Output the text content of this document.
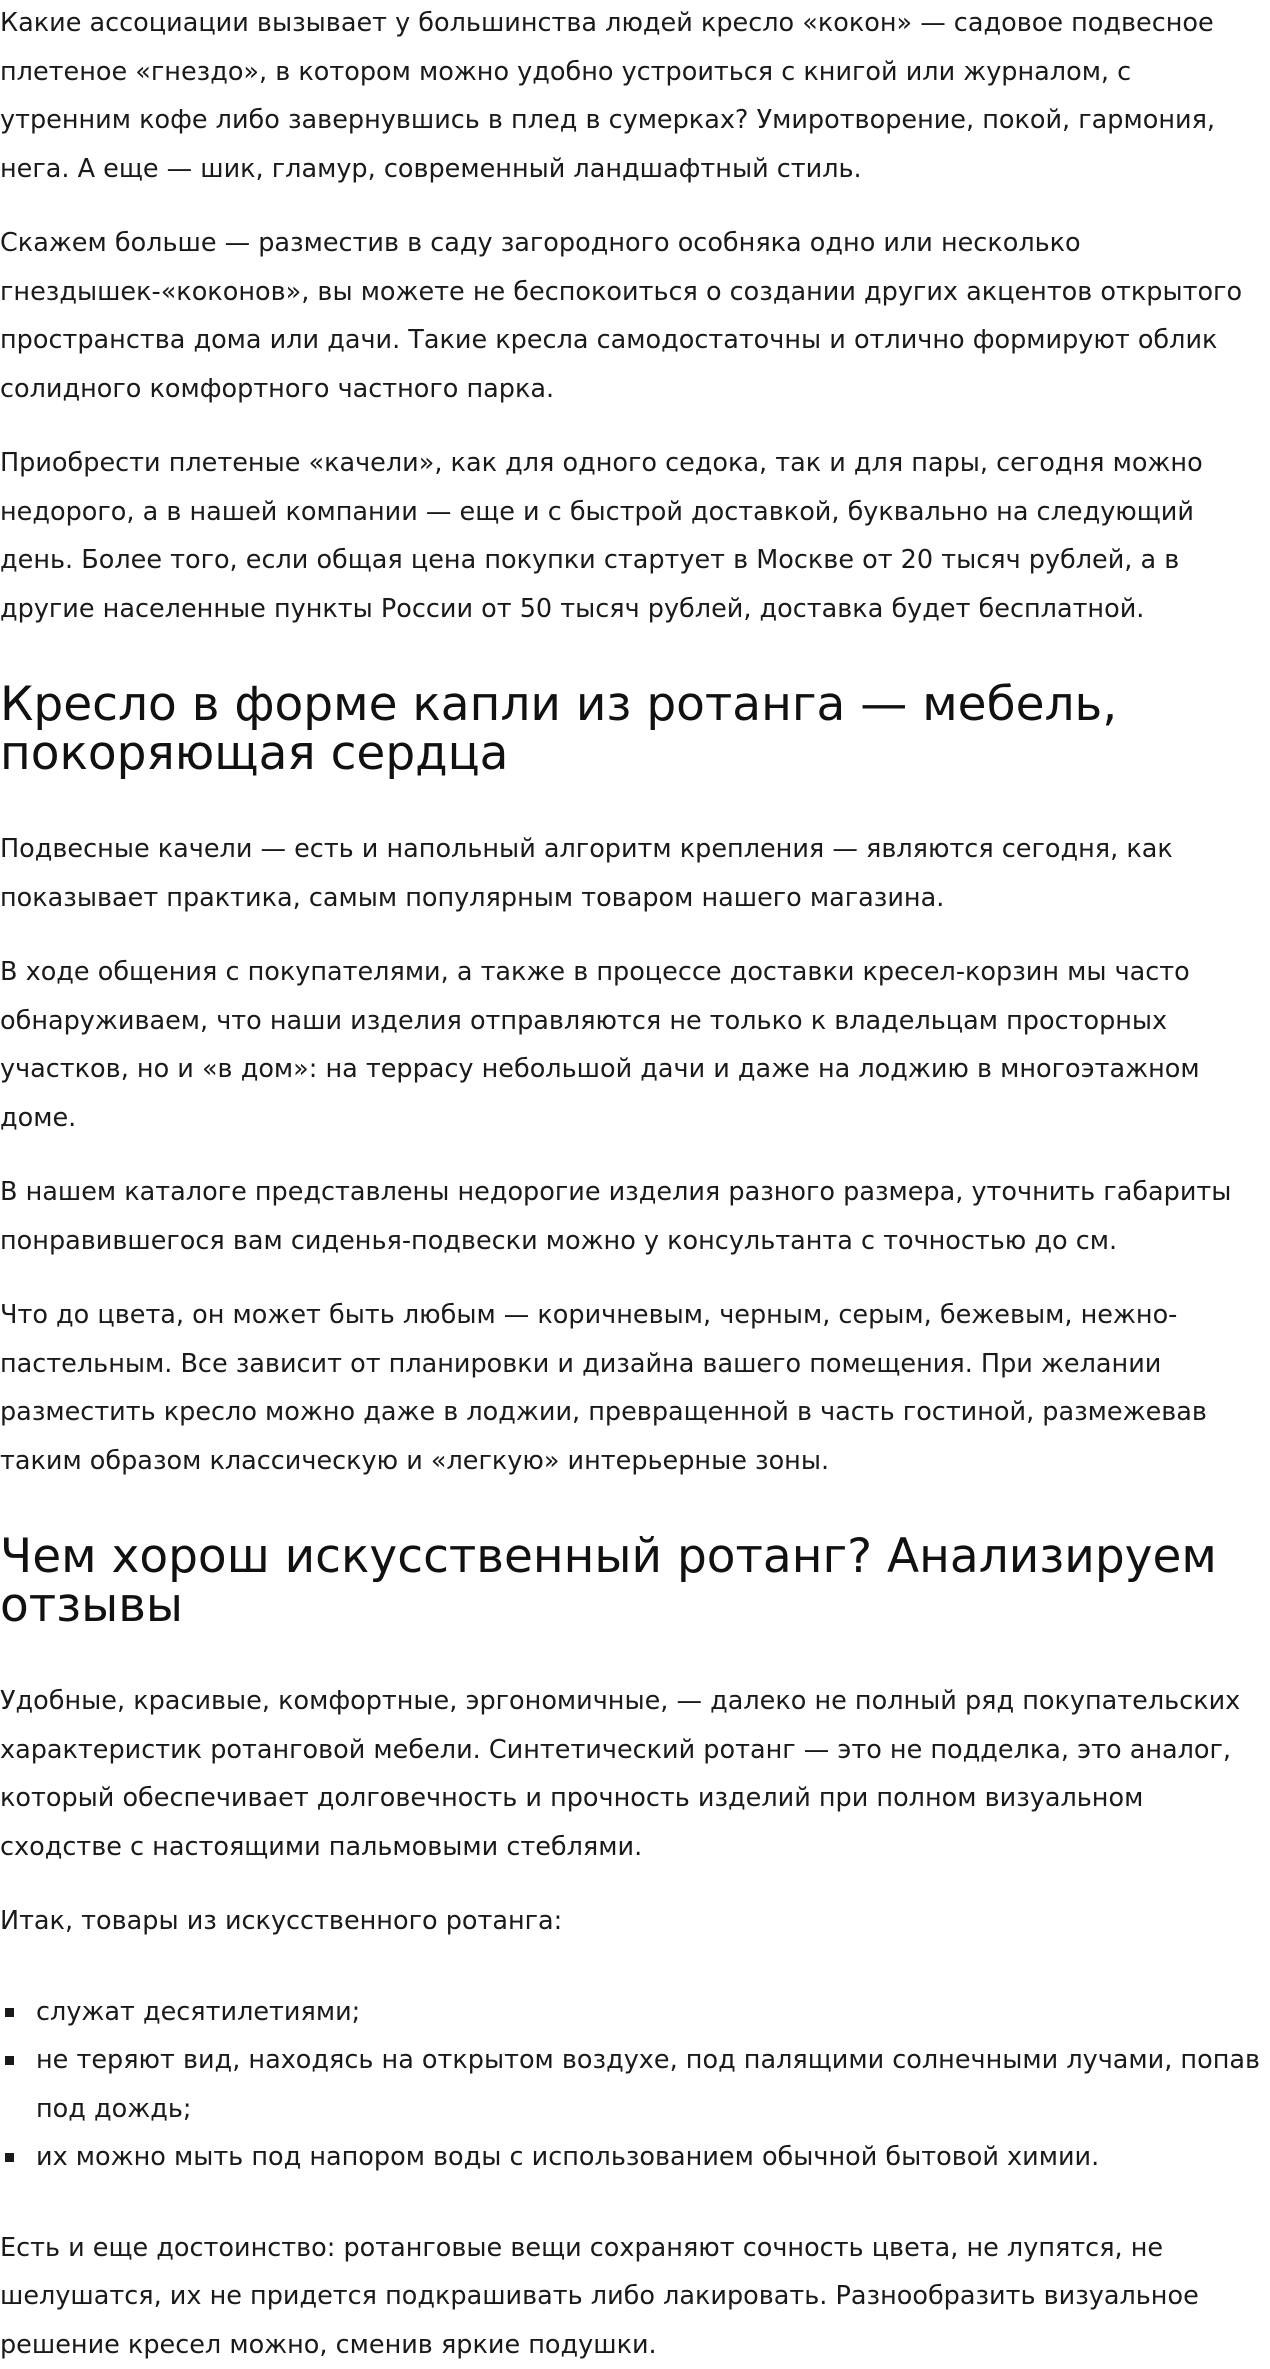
Какие ассоциации вызывает у большинства людей кресло «кокон» — садовое подвесное плетеное «гнездо», в котором можно удобно устроиться с книгой или журналом, с утренним кофе либо завернувшись в плед в сумерках? Умиротворение, покой, гармония, нега. А еще — шик, гламур, современный ландшафтный стиль.

Скажем больше — разместив в саду загородного особняка одно или несколько гнездышек-«коконов», вы можете не беспокоиться о создании других акцентов открытого пространства дома или дачи. Такие кресла самодостаточны и отлично формируют облик солидного комфортного частного парка.

Приобрести плетеные «качели», как для одного седока, так и для пары, сегодня можно недорого, а в нашей компании — еще и с быстрой доставкой, буквально на следующий день. Более того, если общая цена покупки стартует в Москве от 20 тысяч рублей, а в другие населенные пункты России от 50 тысяч рублей, доставка будет бесплатной.

Кресло в форме капли из ротанга — мебель, покоряющая сердца

Подвесные качели — есть и напольный алгоритм крепления — являются сегодня, как показывает практика, самым популярным товаром нашего магазина.

В ходе общения с покупателями, а также в процессе доставки кресел-корзин мы часто обнаруживаем, что наши изделия отправляются не только к владельцам просторных участков, но и «в дом»: на террасу небольшой дачи и даже на лоджию в многоэтажном доме.

В нашем каталоге представлены недорогие изделия разного размера, уточнить габариты понравившегося вам сиденья-подвески можно у консультанта с точностью до см.

Что до цвета, он может быть любым — коричневым, черным, серым, бежевым, нежно-пастельным. Все зависит от планировки и дизайна вашего помещения. При желании разместить кресло можно даже в лоджии, превращенной в часть гостиной, размежевав таким образом классическую и «легкую» интерьерные зоны.

Чем хорош искусственный ротанг? Анализируем отзывы

Удобные, красивые, комфортные, эргономичные, — далеко не полный ряд покупательских характеристик ротанговой мебели. Синтетический ротанг — это не подделка, это аналог, который обеспечивает долговечность и прочность изделий при полном визуальном сходстве с настоящими пальмовыми стеблями.

Итак, товары из искусственного ротанга:

служат десятилетиями;
не теряют вид, находясь на открытом воздухе, под палящими солнечными лучами, попав под дождь;
их можно мыть под напором воды с использованием обычной бытовой химии.

Есть и еще достоинство: ротанговые вещи сохраняют сочность цвета, не лупятся, не шелушатся, их не придется подкрашивать либо лакировать. Разнообразить визуальное решение кресел можно, сменив яркие подушки.
